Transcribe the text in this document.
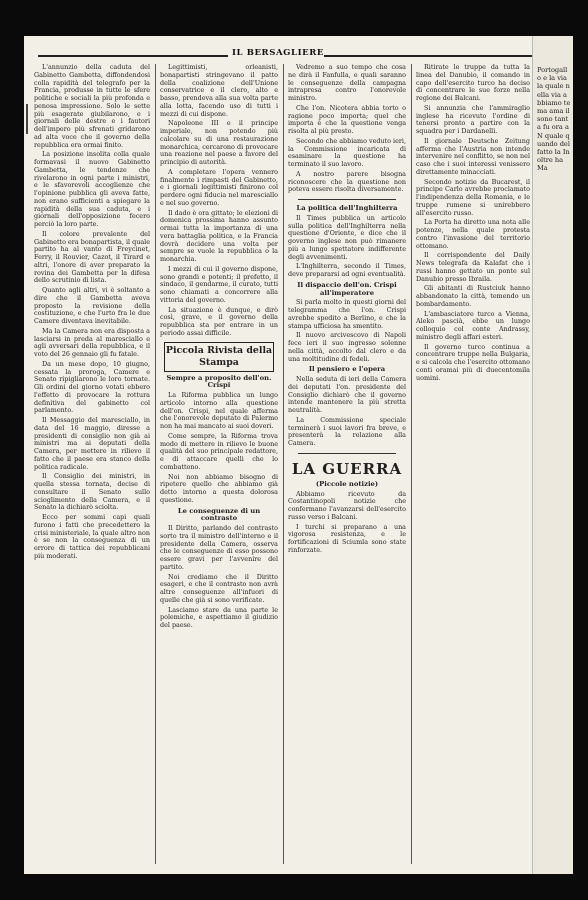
IL BERSAGLIERE

L'annunzio della caduta del Gabinetto Gambetta, diffondendosi colla rapidità del telegrafo per la Francia, produsse in tutte le sfere politiche e sociali la più profonda e penosa impressione. Solo le sette più esagerate giubilarono, e i giornali delle destre e i fautori dell'impero più sfrenati gridarono ad alta voce che il governo della repubblica era ormai finito.

La posizione insolita colla quale formavasi il nuovo Gabinetto Gambetta, le tendenze che rivelarono in ogni parte i ministri, e le sfavorevoli accoglienze che l'opinione pubblica gli aveva fatte, non erano sufficienti a spiegare la rapidità della sua caduta, e i giornali dell'opposizione fecero perciò la loro parte.

Il colore prevalente del Gabinetto era bonapartista, il quale partito ha al vanto di Freycinet, Ferry, il Rouvier, Cazot, il Tirard e altri, l'onore di aver preparato la rovina dei Gambetta per la difesa dello scrutinio di lista.

Quanto agli altri, vi è soltanto a dire che il Gambetta aveva proposto la revisione della costituzione, e che l'urto fra le due Camere diventava inevitabile.

Ma la Camera non era disposta a lasciarsi in preda al maresciallo e agli avversari della repubblica, e il voto del 26 gennaio gli fu fatale.

Da un mese dopo, 10 giugno, cessata la proroga, Camere e Senato ripigliarono le loro tornate. Gli ordini del giorno votati ebbero l'effetto di provocare la rottura definitiva del gabinetto col parlamento.

Il Messaggio del maresciallo, in data del 16 maggio, diresse a presidenti di consiglio non già ai ministri ma ai deputati della Camera, per mettere in rilievo il fatto che il paese era stanco della politica radicale.

Il Consiglio dei ministri, in quella stessa tornata, decise di consultare il Senato sullo scioglimento della Camera, e il Senato la dichiarò sciolta.

Ecco per sommi capi quali furono i fatti che precedettero la crisi ministeriale, la quale altro non è se non la conseguenza di un errore di tattica dei repubblicani più moderati.

Legittimisti, orleanisti, bonapartisti stringevano il patto della coalizione dell'Unione conservatrice e il clero, alto e basso, prendeva alla sua volta parte alla lotta, facendo uso di tutti i mezzi di cui dispone.

Napoleone III e il principe imperiale, non potendo più calcolare su di una restaurazione monarchica, cercarono di provocare una reazione nel paese a favore del principio di autorità.

A completare l'opera vennero finalmente i rimpasti del Gabinetto, e i giornali legittimisti finirono col perdere ogni fiducia nel maresciallo e nel suo governo.

Il dado è ora gittato; le elezioni di domenica prossima hanno assunto ormai tutta la importanza di una vera battaglia politica, e la Francia dovrà decidere una volta per sempre se vuole la repubblica o la monarchia.

I mezzi di cui il governo dispone, sono grandi e potenti; il prefetto, il sindaco, il gendarme, il curato, tutti sono chiamati a concorrere alla vittoria del governo.

La situazione è dunque, e dirò così, grave, e il governo della repubblica sta per entrare in un periodo assai difficile.

Piccola Rivista della Stampa
Sempre a proposito dell'on. Crispi

La Riforma pubblica un lungo articolo intorno alla questione dell'on. Crispi, nel quale afferma che l'onorevole deputato di Palermo non ha mai mancato ai suoi doveri.

Come sempre, la Riforma trova modo di mettere in rilievo le buone qualità del suo principale redattore, e di attaccare quelli che lo combattono.

Noi non abbiamo bisogno di ripetere quello che abbiamo già detto intorno a questa dolorosa questione.

Le conseguenze di un contrasto

Il Diritto, parlando del contrasto sorto tra il ministro dell'interno e il presidente della Camera, osserva che le conseguenze di esso possono essere gravi per l'avvenire del partito.

Noi crediamo che il Diritto esageri, e che il contrasto non avrà altre conseguenze all'infuori di quelle che già si sono verificate.

Lasciamo stare da una parte le polemiche, e aspettiamo il giudizio del paese.

Vedremo a suo tempo che cosa ne dirà il Fanfulla, e quali saranno le conseguenze della campagna intrapresa contro l'onorevole ministro.

Che l'on. Nicotera abbia torto o ragione poco importa; quel che importa è che la questione venga risolta al più presto.

Secondo che abbiamo veduto ieri, la Commissione incaricata di esaminare la questione ha terminato il suo lavoro.

A nostro parere bisogna riconoscere che la questione non poteva essere risolta diversamente.

La politica dell'Inghilterra

Il Times pubblica un articolo sulla politica dell'Inghilterra nella questione d'Oriente, e dice che il governo inglese non può rimanere più a lungo spettatore indifferente degli avvenimenti.

L'Inghilterra, secondo il Times, deve prepararsi ad ogni eventualità.

Il dispaccio dell'on. Crispi all'imperatore

Si parla molto in questi giorni del telegramma che l'on. Crispi avrebbe spedito a Berlino, e che la stampa ufficiosa ha smentito.

Il nuovo arcivescovo di Napoli fece ieri il suo ingresso solenne nella città, accolto dal clero e da una moltitudine di fedeli.

Il pensiero e l'opera

Nella seduta di ieri della Camera dei deputati l'on. presidente del Consiglio dichiarò che il governo intende mantenere la più stretta neutralità.

La Commissione speciale terminerà i suoi lavori fra breve, e presenterà la relazione alla Camera.

LA GUERRA
(Piccole notizie)

Abbiamo ricevuto da Costantinopoli notizie che confermano l'avanzarsi dell'esercito russo verso i Balcani.

I turchi si preparano a una vigorosa resistenza, e le fortificazioni di Sciumla sono state rinforzate.

Ritirate le truppe da tutta la linea del Danubio, il comando in capo dell'esercito turco ha deciso di concentrare le sue forze nella regione dei Balcani.

Si annunzia che l'ammiraglio inglese ha ricevuto l'ordine di tenersi pronto a partire con la squadra per i Dardanelli.

Il giornale Deutsche Zeitung afferma che l'Austria non intende intervenire nel conflitto, se non nel caso che i suoi interessi venissero direttamente minacciati.

Secondo notizie da Bucarest, il principe Carlo avrebbe proclamato l'indipendenza della Romania, e le truppe rumene si unirebbero all'esercito russo.

La Porta ha diretto una nota alle potenze, nella quale protesta contro l'invasione del territorio ottomano.

Il corrispondente del Daily News telegrafa da Kalafat che i russi hanno gettato un ponte sul Danubio presso Ibraila.

Gli abitanti di Rustciuk hanno abbandonato la città, temendo un bombardamento.

L'ambasciatore turco a Vienna, Aleko pascià, ebbe un lungo colloquio col conte Andrassy, ministro degli affari esteri.

Il governo turco continua a concentrare truppe nella Bulgaria, e si calcola che l'esercito ottomano conti oramai più di duecentomila uomini.

Portogallo e la via la quale nella via abbiamo tema ama il sono tanta fu ora a N quale quando del fatto la Inoltre ha Ma
